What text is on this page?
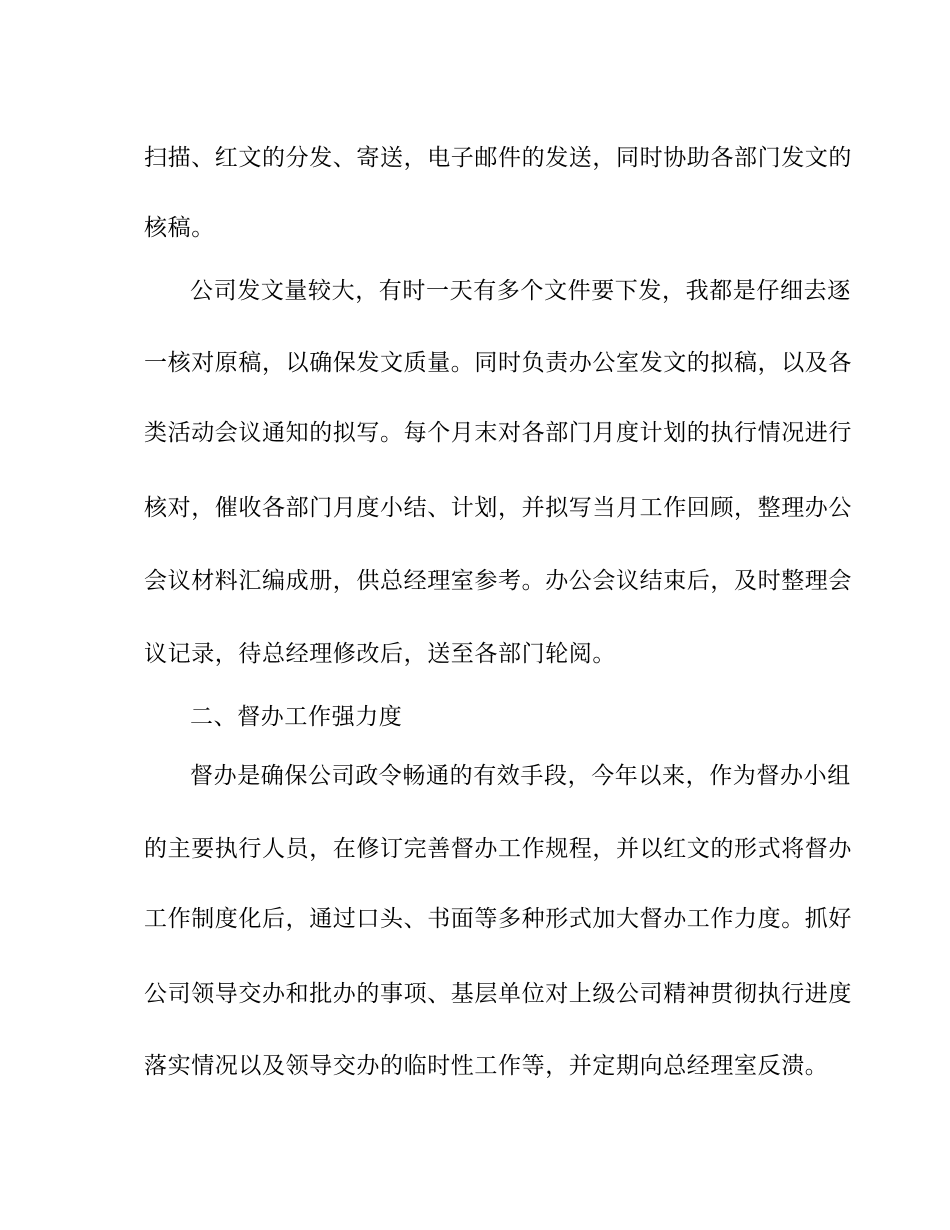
扫描、红文的分发、寄送，电子邮件的发送，同时协助各部门发文的
核稿。
公司发文量较大，有时一天有多个文件要下发，我都是仔细去逐
一核对原稿，以确保发文质量。同时负责办公室发文的拟稿，以及各
类活动会议通知的拟写。每个月末对各部门月度计划的执行情况进行
核对，催收各部门月度小结、计划，并拟写当月工作回顾，整理办公
会议材料汇编成册，供总经理室参考。办公会议结束后，及时整理会
议记录，待总经理修改后，送至各部门轮阅。
二、督办工作强力度
督办是确保公司政令畅通的有效手段，今年以来，作为督办小组
的主要执行人员，在修订完善督办工作规程，并以红文的形式将督办
工作制度化后，通过口头、书面等多种形式加大督办工作力度。抓好
公司领导交办和批办的事项、基层单位对上级公司精神贯彻执行进度
落实情况以及领导交办的临时性工作等，并定期向总经理室反溃。
